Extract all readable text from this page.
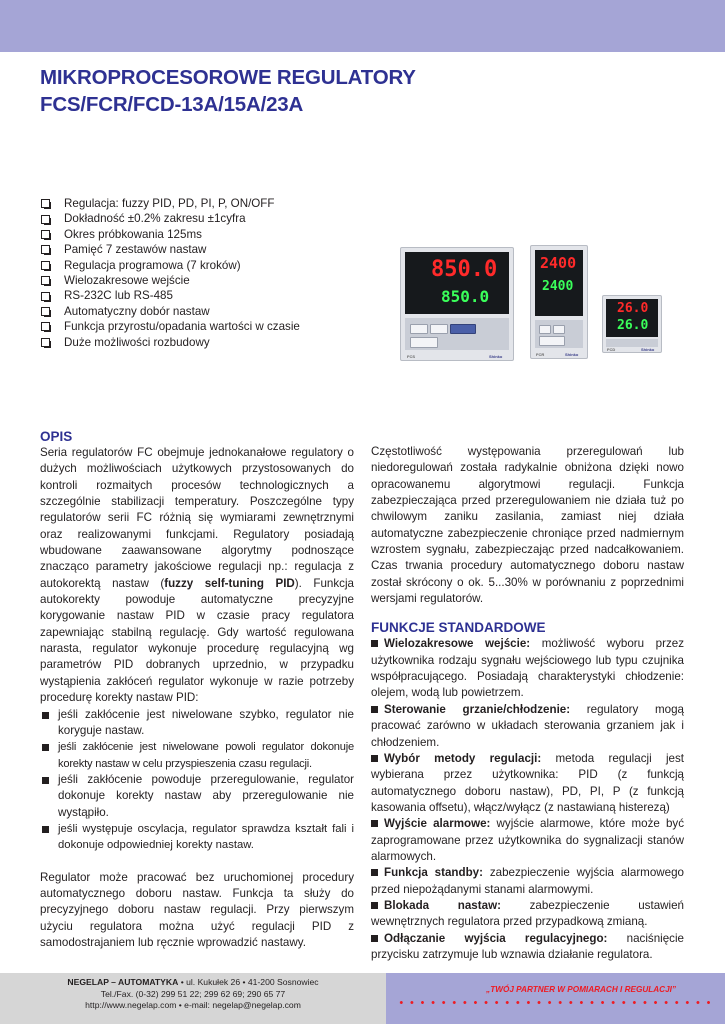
MIKROPROCESOROWE REGULATORY
FCS/FCR/FCD-13A/15A/23A
Regulacja: fuzzy PID, PD, PI, P, ON/OFF
Dokładność ±0.2% zakresu ±1cyfra
Okres próbkowania 125ms
Pamięć 7 zestawów nastaw
Regulacja programowa (7 kroków)
Wielozakresowe wejście
RS-232C lub RS-485
Automatyczny dobór nastaw
Funkcja przyrostu/opadania wartości w czasie
Duże możliwości rozbudowy
850.0
850.0
Shinko
FCS
2400
2400
Shinko
FCR
26.0
26.0
Shinko
FCD
OPIS

Seria regulatorów FC obejmuje jednokanałowe regulatory o dużych możliwościach użytkowych przystosowanych do kontroli rozmaitych procesów technologicznych a szczególnie stabilizacji temperatury. Poszczególne typy regulatorów serii FC różnią się wymiarami zewnętrznymi oraz realizowanymi funkcjami. Regulatory posiadają wbudowane zaawansowane algorytmy podnoszące znacząco parametry jakościowe regulacji np.: regulacja z autokorektą nastaw (fuzzy self-tuning PID). Funkcja autokorekty powoduje automatyczne precyzyjne korygowanie nastaw PID w czasie pracy regulatora zapewniając stabilną regulację. Gdy wartość regulowana narasta, regulator wykonuje procedurę regulacyjną wg parametrów PID dobranych uprzednio, w przypadku wystąpienia zakłóceń regulator wykonuje w razie potrzeby procedurę korekty nastaw PID:

jeśli zakłócenie jest niwelowane szybko, regulator nie koryguje nastaw.
jeśli zakłócenie jest niwelowane powoli regulator dokonuje korekty nastaw w celu przyspieszenia czasu regulacji.
jeśli zakłócenie powoduje przeregulowanie, regulator dokonuje korekty nastaw aby przeregulowanie nie wystąpiło.
jeśli występuje oscylacja, regulator sprawdza kształt fali i dokonuje odpowiedniej korekty nastaw.

Regulator może pracować bez uruchomionej procedury automatycznego doboru nastaw. Funkcja ta służy do precyzyjnego doboru nastaw regulacji. Przy pierwszym użyciu regulatora można użyć regulacji PID z samodostrajaniem lub ręcznie wprowadzić nastawy.

Częstotliwość występowania przeregulowań lub niedoregulowań została radykalnie obniżona dzięki nowo opracowanemu algorytmowi regulacji. Funkcja zabezpieczająca przed przeregulowaniem nie działa tuż po chwilowym zaniku zasilania, zamiast niej działa automatyczne zabezpieczenie chroniące przed nadmiernym wzrostem sygnału, zabezpieczając przed nadcałkowaniem. Czas trwania procedury automatycznego doboru nastaw został skrócony o ok. 5...30% w porównaniu z poprzednimi wersjami regulatorów.

FUNKCJE STANDARDOWE

Wielozakresowe wejście: możliwość wyboru przez użytkownika rodzaju sygnału wejściowego lub typu czujnika współpracującego. Posiadają charakterystyki chłodzenie: olejem, wodą lub powietrzem.

Sterowanie grzanie/chłodzenie: regulatory mogą pracować zarówno w układach sterowania grzaniem jak i chłodzeniem.

Wybór metody regulacji: metoda regulacji jest wybierana przez użytkownika: PID (z funkcją automatycznego doboru nastaw), PD, PI, P (z funkcją kasowania offsetu), włącz/wyłącz (z nastawianą histerezą)

Wyjście alarmowe: wyjście alarmowe, które może być zaprogramowane przez użytkownika do sygnalizacji stanów alarmowych.

Funkcja standby: zabezpieczenie wyjścia alarmowego przed niepożądanymi stanami alarmowymi.

Blokada nastaw: zabezpieczenie ustawień wewnętrznych regulatora przed przypadkową zmianą.

Odłączanie wyjścia regulacyjnego: naciśnięcie przycisku zatrzymuje lub wznawia działanie regulatora.

NEGELAP – AUTOMATYKA • ul. Kukułek 26 • 41-200 Sosnowiec
Tel./Fax. (0-32) 299 51 22; 299 62 69; 290 65 77
http://www.negelap.com • e-mail: negelap@negelap.com
„TWÓJ PARTNER W POMIARACH I REGULACJI”
